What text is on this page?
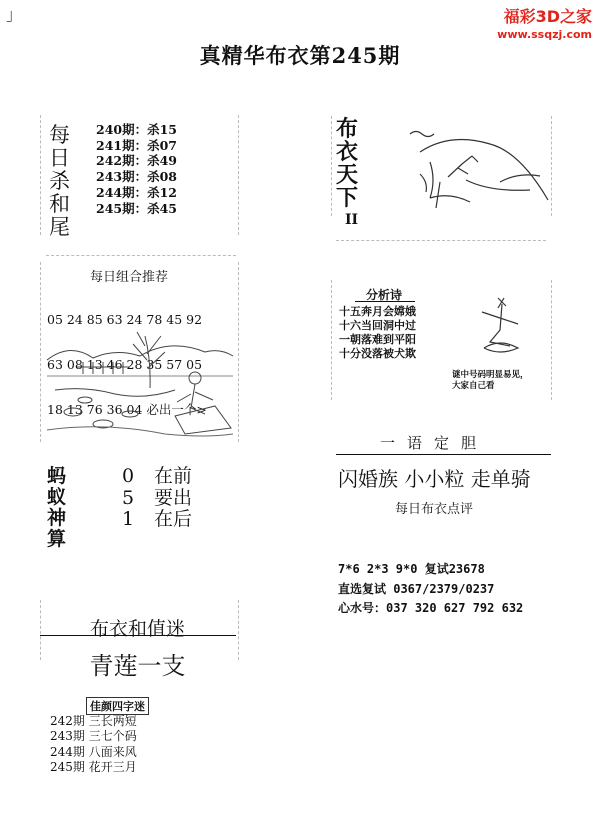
」	福彩3D之家
www.ssqzj.com
真精华布衣第245期
每
日
杀
和
尾
240期：杀15
241期：杀07
242期：杀49
243期：杀08
244期：杀12
245期：杀45
每日组合推荐

05 24 85 63 24 78 45 92

63 08 13 46 28 35 57 05

18 13 76 36 04 必出一个>

蚂
蚁
神
算
0
5
1
在前
要出
在后
布衣和值迷
青莲一支
佳颜四字迷
242期 三长两短
243期 三七个码
244期 八面来风
245期 花开三月
布
衣
天
下
II
分析诗
十五奔月会嫦娥
十六当回洞中过
一朝落难到平阳
十分没落被犬欺
谜中号码明显易见，
大家自己看
一语定胆
闪婚族 小小粒 走单骑
每日布衣点评
7*6 2*3 9*0 复试23678
直选复试 0367/2379/0237
心水号：037 320 627 792 632
